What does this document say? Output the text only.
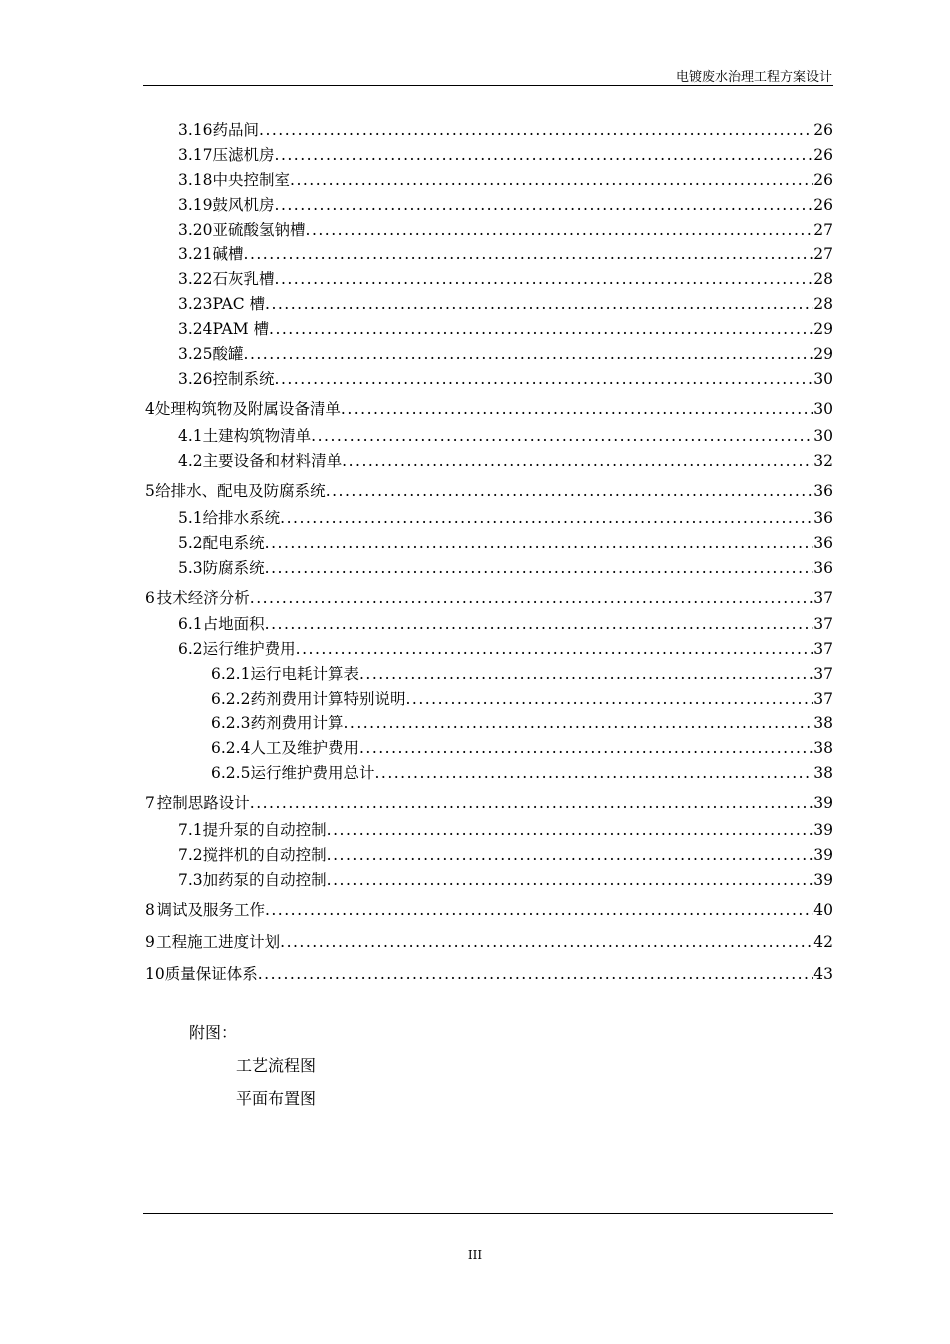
电镀废水治理工程方案设计
3.16 药品间 .....	26
3.17 压滤机房 .....	26
3.18 中央控制室 .....	26
3.19 鼓风机房 .....	26
3.20 亚硫酸氢钠槽 .....	27
3.21 碱槽 .....	27
3.22 石灰乳槽 .....	28
3.23 PAC 槽 .....	28
3.24 PAM 槽 .....	29
3.25 酸罐 .....	29
3.26 控制系统 .....	30
4 处理构筑物及附属设备清单 .....	30
4.1 土建构筑物清单 .....	30
4.2 主要设备和材料清单 .....	32
5 给排水、配电及防腐系统 .....	36
5.1 给排水系统 .....	36
5.2 配电系统 .....	36
5.3 防腐系统 .....	36
6 技术经济分析 .....	37
6.1 占地面积 .....	37
6.2 运行维护费用 .....	37
6.2.1 运行电耗计算表 .....	37
6.2.2 药剂费用计算特别说明 .....	37
6.2.3 药剂费用计算 .....	38
6.2.4 人工及维护费用 .....	38
6.2.5 运行维护费用总计 .....	38
7 控制思路设计 .....	39
7.1 提升泵的自动控制 .....	39
7.2 搅拌机的自动控制 .....	39
7.3 加药泵的自动控制 .....	39
8 调试及服务工作 .....	40
9 工程施工进度计划 .....	42
10 质量保证体系 .....	43
附图：
工艺流程图
平面布置图
III
